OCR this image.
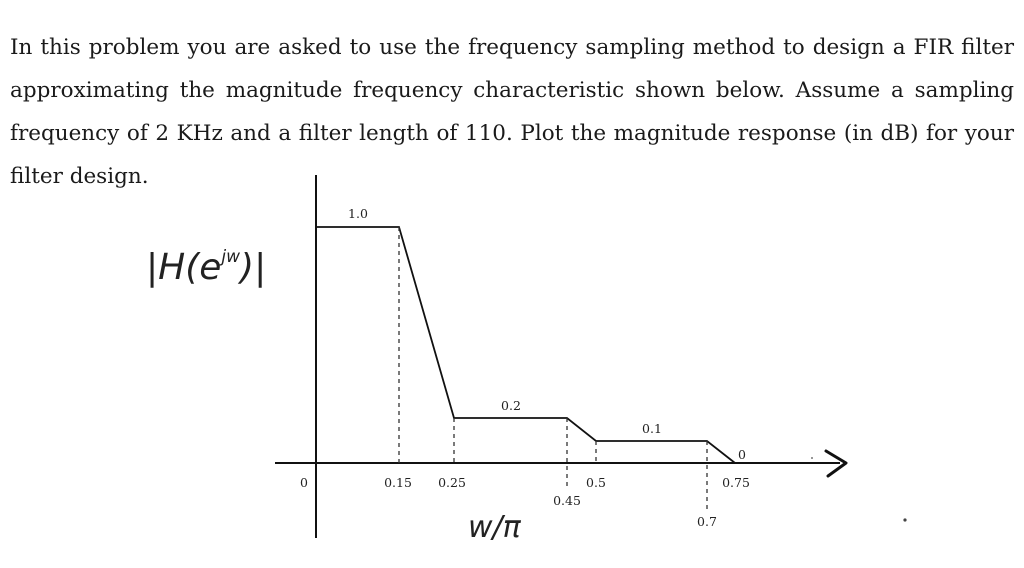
In this problem you are asked to use the frequency sampling method to design a FIR filter approximating the magnitude frequency characteristic shown below. Assume a sampling frequency of 2 KHz and a filter length of 110. Plot the magnitude response (in dB) for your filter design.

1.0
0.2
0.1
0
0	0.15 0.25
0.45
0.5
0.7
0.75
$|H(e^{jw})|$
w/π
